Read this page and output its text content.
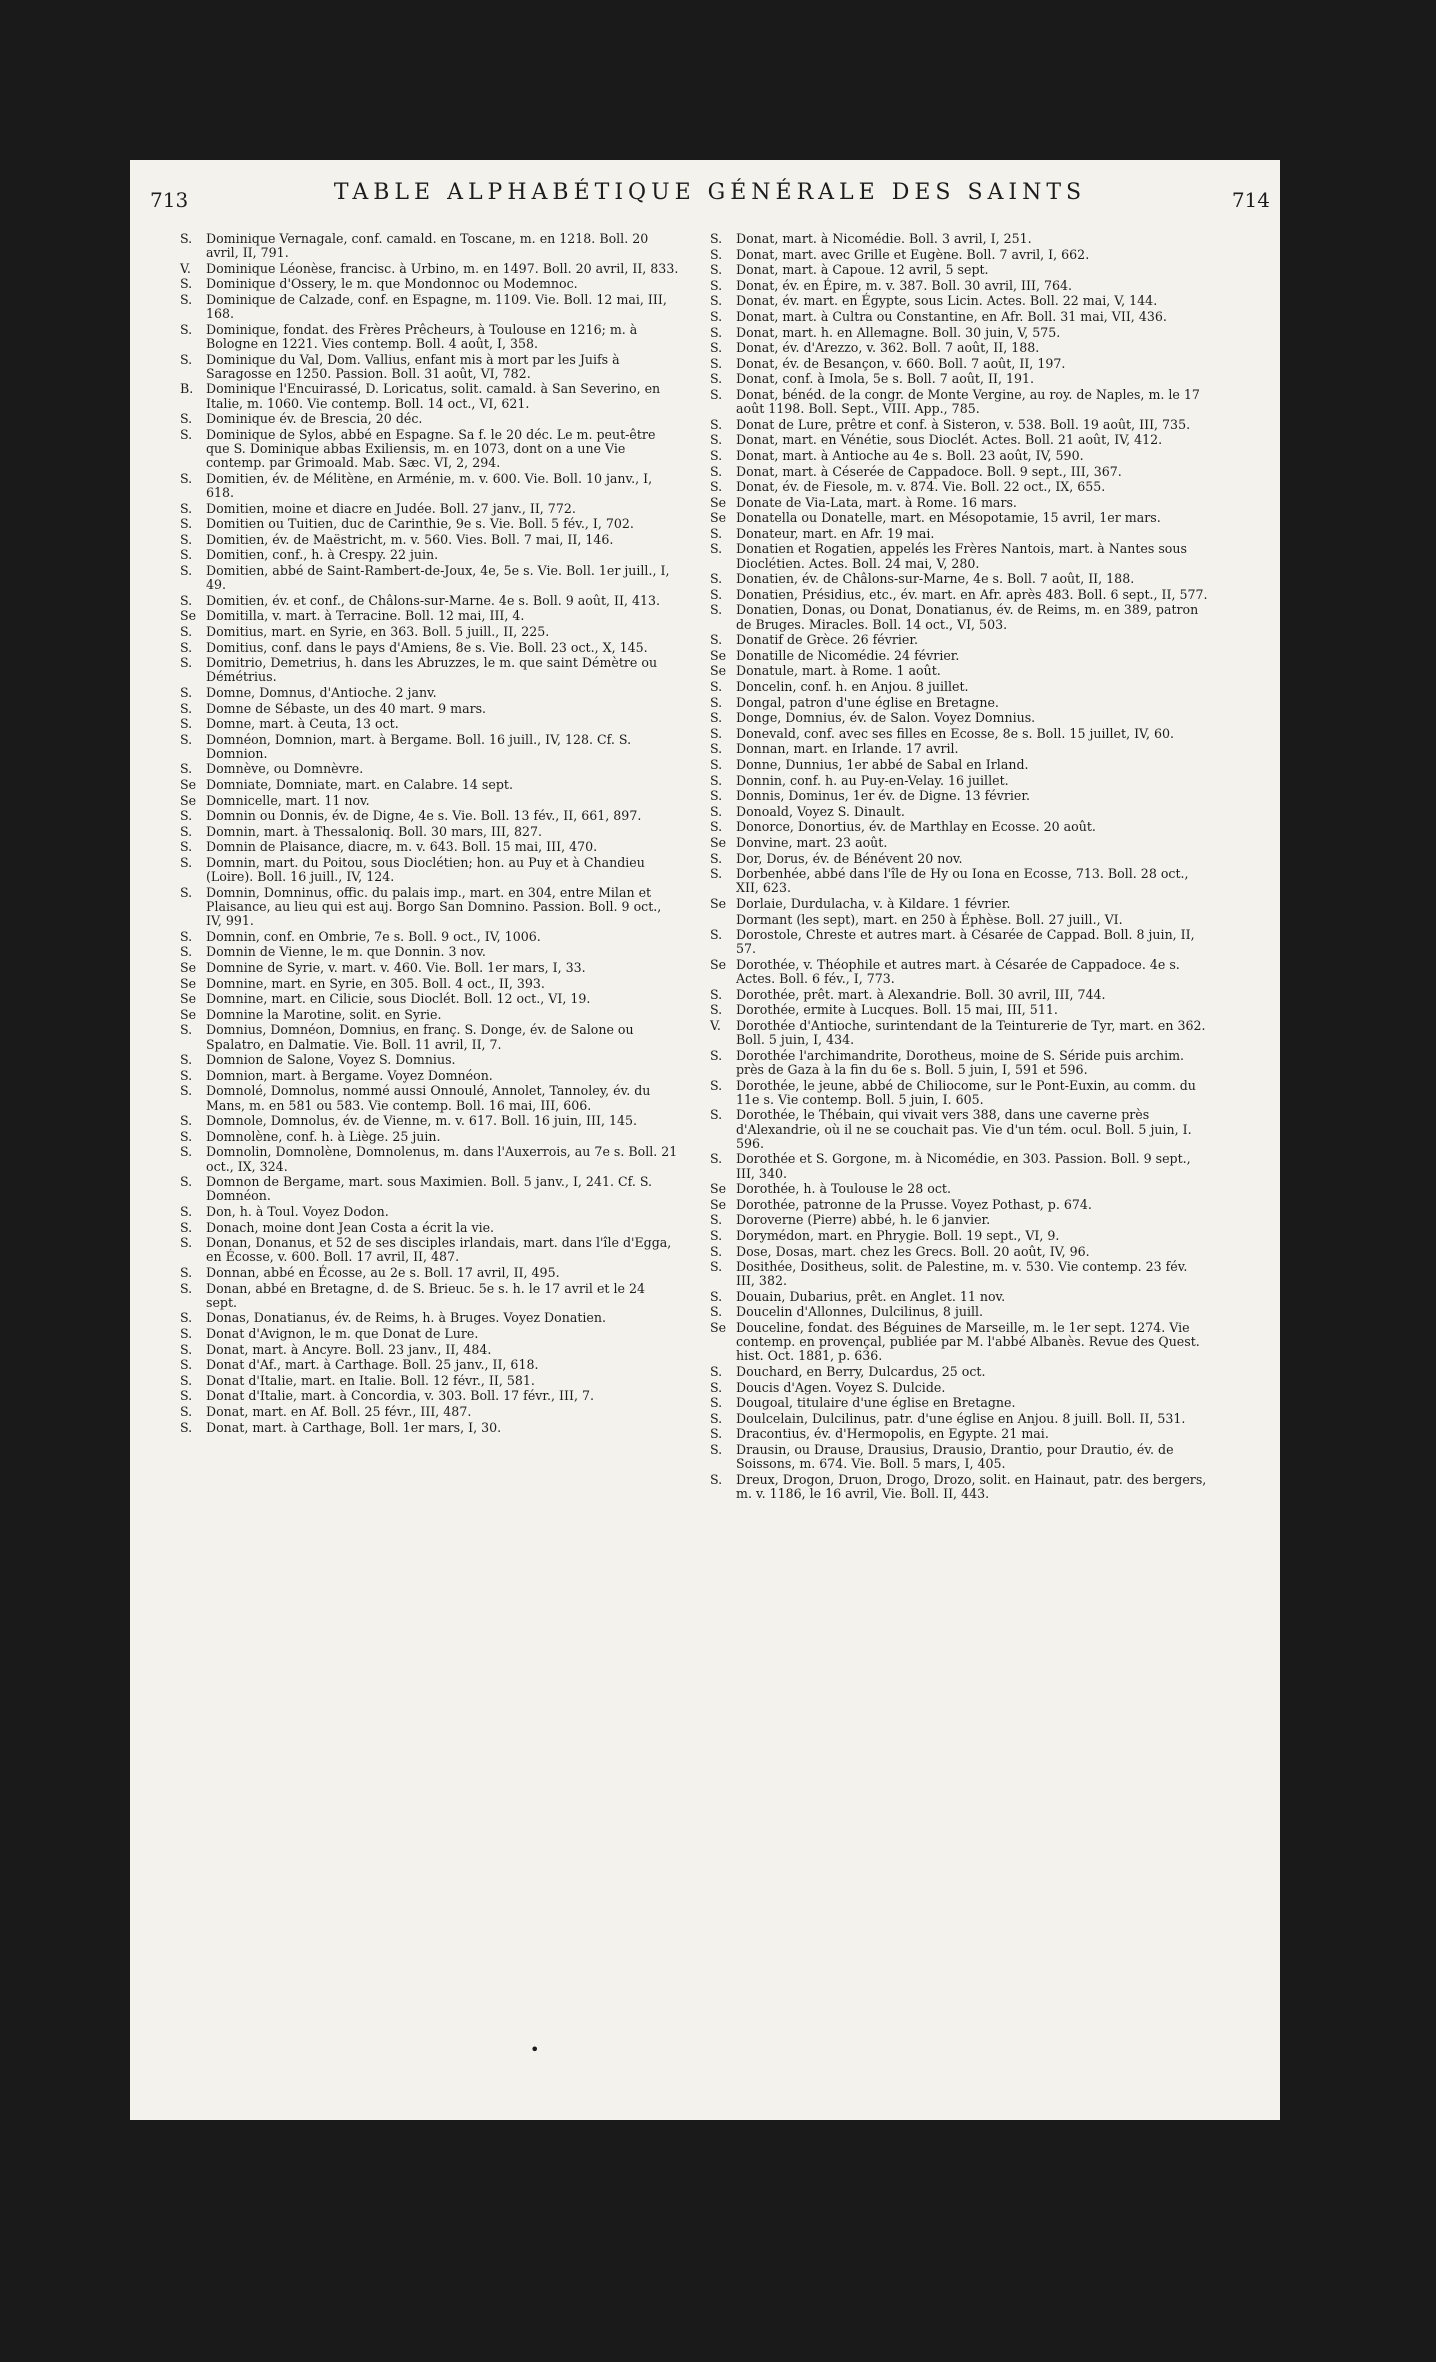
713	TABLE ALPHABÉTIQUE GÉNÉRALE DES SAINTS	714
S.	Dominique Vernagale, conf. camald. en Toscane, m. en 1218. Boll. 20 avril, II, 791.
V.	Dominique Léonèse, francisc. à Urbino, m. en 1497. Boll. 20 avril, II, 833.
S.	Dominique d'Ossery, le m. que Mondonnoc ou Modemnoc.
S.	Dominique de Calzade, conf. en Espagne, m. 1109. Vie. Boll. 12 mai, III, 168.
S.	Dominique, fondat. des Frères Prêcheurs, à Toulouse en 1216; m. à Bologne en 1221. Vies contemp. Boll. 4 août, I, 358.
S.	Dominique du Val, Dom. Vallius, enfant mis à mort par les Juifs à Saragosse en 1250. Passion. Boll. 31 août, VI, 782.
B.	Dominique l'Encuirassé, D. Loricatus, solit. camald. à San Severino, en Italie, m. 1060. Vie contemp. Boll. 14 oct., VI, 621.
S.	Dominique év. de Brescia, 20 déc.
S.	Dominique de Sylos, abbé en Espagne. Sa f. le 20 déc. Le m. peut-être que S. Dominique abbas Exiliensis, m. en 1073, dont on a une Vie contemp. par Grimoald. Mab. Sæc. VI, 2, 294.
S.	Domitien, év. de Mélitène, en Arménie, m. v. 600. Vie. Boll. 10 janv., I, 618.
S.	Domitien, moine et diacre en Judée. Boll. 27 janv., II, 772.
S.	Domitien ou Tuitien, duc de Carinthie, 9e s. Vie. Boll. 5 fév., I, 702.
S.	Domitien, év. de Maëstricht, m. v. 560. Vies. Boll. 7 mai, II, 146.
S.	Domitien, conf., h. à Crespy. 22 juin.
S.	Domitien, abbé de Saint-Rambert-de-Joux, 4e, 5e s. Vie. Boll. 1er juill., I, 49.
S.	Domitien, év. et conf., de Châlons-sur-Marne. 4e s. Boll. 9 août, II, 413.
Se Domitilla, v. mart. à Terracine. Boll. 12 mai, III, 4.
S.	Domitius, mart. en Syrie, en 363. Boll. 5 juill., II, 225.
S.	Domitius, conf. dans le pays d'Amiens, 8e s. Vie. Boll. 23 oct., X, 145.
S.	Domitrio, Demetrius, h. dans les Abruzzes, le m. que saint Démètre ou Démétrius.
S.	Domne, Domnus, d'Antioche. 2 janv.
S.	Domne de Sébaste, un des 40 mart. 9 mars.
S.	Domne, mart. à Ceuta, 13 oct.
S.	Domnéon, Domnion, mart. à Bergame. Boll. 16 juill., IV, 128. Cf. S. Domnion.
S.	Domnève, ou Domnèvre.
Se Domniate, Domniate, mart. en Calabre. 14 sept.
Se Domnicelle, mart. 11 nov.
S.	Domnin ou Donnis, év. de Digne, 4e s. Vie. Boll. 13 fév., II, 661, 897.
S.	Domnin, mart. à Thessaloniq. Boll. 30 mars, III, 827.
S.	Domnin de Plaisance, diacre, m. v. 643. Boll. 15 mai, III, 470.
S.	Domnin, mart. du Poitou, sous Dioclétien; hon. au Puy et à Chandieu (Loire). Boll. 16 juill., IV, 124.
S.	Domnin, Domninus, offic. du palais imp., mart. en 304, entre Milan et Plaisance, au lieu qui est auj. Borgo San Domnino. Passion. Boll. 9 oct., IV, 991.
S.	Domnin, conf. en Ombrie, 7e s. Boll. 9 oct., IV, 1006.
S.	Domnin de Vienne, le m. que Donnin. 3 nov.
Se Domnine de Syrie, v. mart. v. 460. Vie. Boll. 1er mars, I, 33.
Se Domnine, mart. en Syrie, en 305. Boll. 4 oct., II, 393.
Se Domnine, mart. en Cilicie, sous Dioclét. Boll. 12 oct., VI, 19.
Se Domnine la Marotine, solit. en Syrie.
S.	Domnius, Domnéon, Domnius, en franç. S. Donge, év. de Salone ou Spalatro, en Dalmatie. Vie. Boll. 11 avril, II, 7.
S.	Domnion de Salone, Voyez S. Domnius.
S.	Domnion, mart. à Bergame. Voyez Domnéon.
S.	Domnolé, Domnolus, nommé aussi Onnoulé, Annolet, Tannoley, év. du Mans, m. en 581 ou 583. Vie contemp. Boll. 16 mai, III, 606.
S.	Domnole, Domnolus, év. de Vienne, m. v. 617. Boll. 16 juin, III, 145.
S.	Domnolène, conf. h. à Liège. 25 juin.
S.	Domnolin, Domnolène, Domnolenus, m. dans l'Auxerrois, au 7e s. Boll. 21 oct., IX, 324.
S.	Domnon de Bergame, mart. sous Maximien. Boll. 5 janv., I, 241. Cf. S. Domnéon.
S.	Don, h. à Toul. Voyez Dodon.
S.	Donach, moine dont Jean Costa a écrit la vie.
S.	Donan, Donanus, et 52 de ses disciples irlandais, mart. dans l'île d'Egga, en Écosse, v. 600. Boll. 17 avril, II, 487.
S.	Donnan, abbé en Écosse, au 2e s. Boll. 17 avril, II, 495.
S.	Donan, abbé en Bretagne, d. de S. Brieuc. 5e s. h. le 17 avril et le 24 sept.
S.	Donas, Donatianus, év. de Reims, h. à Bruges. Voyez Donatien.
S.	Donat d'Avignon, le m. que Donat de Lure.
S.	Donat, mart. à Ancyre. Boll. 23 janv., II, 484.
S.	Donat d'Af., mart. à Carthage. Boll. 25 janv., II, 618.
S.	Donat d'Italie, mart. en Italie. Boll. 12 févr., II, 581.
S.	Donat d'Italie, mart. à Concordia, v. 303. Boll. 17 févr., III, 7.
S.	Donat, mart. en Af. Boll. 25 févr., III, 487.
S.	Donat, mart. à Carthage, Boll. 1er mars, I, 30.
S.	Donat, mart. à Nicomédie. Boll. 3 avril, I, 251.
S.	Donat, mart. avec Grille et Eugène. Boll. 7 avril, I, 662.
S.	Donat, mart. à Capoue. 12 avril, 5 sept.
S.	Donat, év. en Épire, m. v. 387. Boll. 30 avril, III, 764.
S.	Donat, év. mart. en Égypte, sous Licin. Actes. Boll. 22 mai, V, 144.
S.	Donat, mart. à Cultra ou Constantine, en Afr. Boll. 31 mai, VII, 436.
S.	Donat, mart. h. en Allemagne. Boll. 30 juin, V, 575.
S.	Donat, év. d'Arezzo, v. 362. Boll. 7 août, II, 188.
S.	Donat, év. de Besançon, v. 660. Boll. 7 août, II, 197.
S.	Donat, conf. à Imola, 5e s. Boll. 7 août, II, 191.
S.	Donat, bénéd. de la congr. de Monte Vergine, au roy. de Naples, m. le 17 août 1198. Boll. Sept., VIII. App., 785.
S.	Donat de Lure, prêtre et conf. à Sisteron, v. 538. Boll. 19 août, III, 735.
S.	Donat, mart. en Vénétie, sous Dioclét. Actes. Boll. 21 août, IV, 412.
S.	Donat, mart. à Antioche au 4e s. Boll. 23 août, IV, 590.
S.	Donat, mart. à Céserée de Cappadoce. Boll. 9 sept., III, 367.
S.	Donat, év. de Fiesole, m. v. 874. Vie. Boll. 22 oct., IX, 655.
Se Donate de Via-Lata, mart. à Rome. 16 mars.
Se Donatella ou Donatelle, mart. en Mésopotamie, 15 avril, 1er mars.
S.	Donateur, mart. en Afr. 19 mai.
S.	Donatien et Rogatien, appelés les Frères Nantois, mart. à Nantes sous Dioclétien. Actes. Boll. 24 mai, V, 280.
S.	Donatien, év. de Châlons-sur-Marne, 4e s. Boll. 7 août, II, 188.
S.	Donatien, Présidius, etc., év. mart. en Afr. après 483. Boll. 6 sept., II, 577.
S.	Donatien, Donas, ou Donat, Donatianus, év. de Reims, m. en 389, patron de Bruges. Miracles. Boll. 14 oct., VI, 503.
S.	Donatif de Grèce. 26 février.
Se Donatille de Nicomédie. 24 février.
Se Donatule, mart. à Rome. 1 août.
S.	Doncelin, conf. h. en Anjou. 8 juillet.
S.	Dongal, patron d'une église en Bretagne.
S.	Donge, Domnius, év. de Salon. Voyez Domnius.
S.	Donevald, conf. avec ses filles en Ecosse, 8e s. Boll. 15 juillet, IV, 60.
S.	Donnan, mart. en Irlande. 17 avril.
S.	Donne, Dunnius, 1er abbé de Sabal en Irland.
S.	Donnin, conf. h. au Puy-en-Velay. 16 juillet.
S.	Donnis, Dominus, 1er év. de Digne. 13 février.
S.	Donoald, Voyez S. Dinault.
S.	Donorce, Donortius, év. de Marthlay en Ecosse. 20 août.
Se Donvine, mart. 23 août.
S.	Dor, Dorus, év. de Bénévent 20 nov.
S.	Dorbenhée, abbé dans l'île de Hy ou Iona en Ecosse, 713. Boll. 28 oct., XII, 623.
Se Dorlaie, Durdulacha, v. à Kildare. 1 février.
Dormant (les sept), mart. en 250 à Éphèse. Boll. 27 juill., VI.
S.	Dorostole, Chreste et autres mart. à Césarée de Cappad. Boll. 8 juin, II, 57.
Se Dorothée, v. Théophile et autres mart. à Césarée de Cappadoce. 4e s. Actes. Boll. 6 fév., I, 773.
S.	Dorothée, prêt. mart. à Alexandrie. Boll. 30 avril, III, 744.
S.	Dorothée, ermite à Lucques. Boll. 15 mai, III, 511.
V.	Dorothée d'Antioche, surintendant de la Teinturerie de Tyr, mart. en 362. Boll. 5 juin, I, 434.
S.	Dorothée l'archimandrite, Dorotheus, moine de S. Séride puis archim. près de Gaza à la fin du 6e s. Boll. 5 juin, I, 591 et 596.
S.	Dorothée, le jeune, abbé de Chiliocome, sur le Pont-Euxin, au comm. du 11e s. Vie contemp. Boll. 5 juin, I. 605.
S.	Dorothée, le Thébain, qui vivait vers 388, dans une caverne près d'Alexandrie, où il ne se couchait pas. Vie d'un tém. ocul. Boll. 5 juin, I. 596.
S.	Dorothée et S. Gorgone, m. à Nicomédie, en 303. Passion. Boll. 9 sept., III, 340.
Se Dorothée, h. à Toulouse le 28 oct.
Se Dorothée, patronne de la Prusse. Voyez Pothast, p. 674.
S.	Doroverne (Pierre) abbé, h. le 6 janvier.
S.	Dorymédon, mart. en Phrygie. Boll. 19 sept., VI, 9.
S.	Dose, Dosas, mart. chez les Grecs. Boll. 20 août, IV, 96.
S.	Dosithée, Dositheus, solit. de Palestine, m. v. 530. Vie contemp. 23 fév. III, 382.
S.	Douain, Dubarius, prêt. en Anglet. 11 nov.
S.	Doucelin d'Allonnes, Dulcilinus, 8 juill.
Se Douceline, fondat. des Béguines de Marseille, m. le 1er sept. 1274. Vie contemp. en provençal, publiée par M. l'abbé Albanès. Revue des Quest. hist. Oct. 1881, p. 636.
S.	Douchard, en Berry, Dulcardus, 25 oct.
S.	Doucis d'Agen. Voyez S. Dulcide.
S.	Dougoal, titulaire d'une église en Bretagne.
S.	Doulcelain, Dulcilinus, patr. d'une église en Anjou. 8 juill. Boll. II, 531.
S.	Dracontius, év. d'Hermopolis, en Egypte. 21 mai.
S.	Drausin, ou Drause, Drausius, Drausio, Drantio, pour Drautio, év. de Soissons, m. 674. Vie. Boll. 5 mars, I, 405.
S.	Dreux, Drogon, Druon, Drogo, Drozo, solit. en Hainaut, patr. des bergers, m. v. 1186, le 16 avril, Vie. Boll. II, 443.
•
